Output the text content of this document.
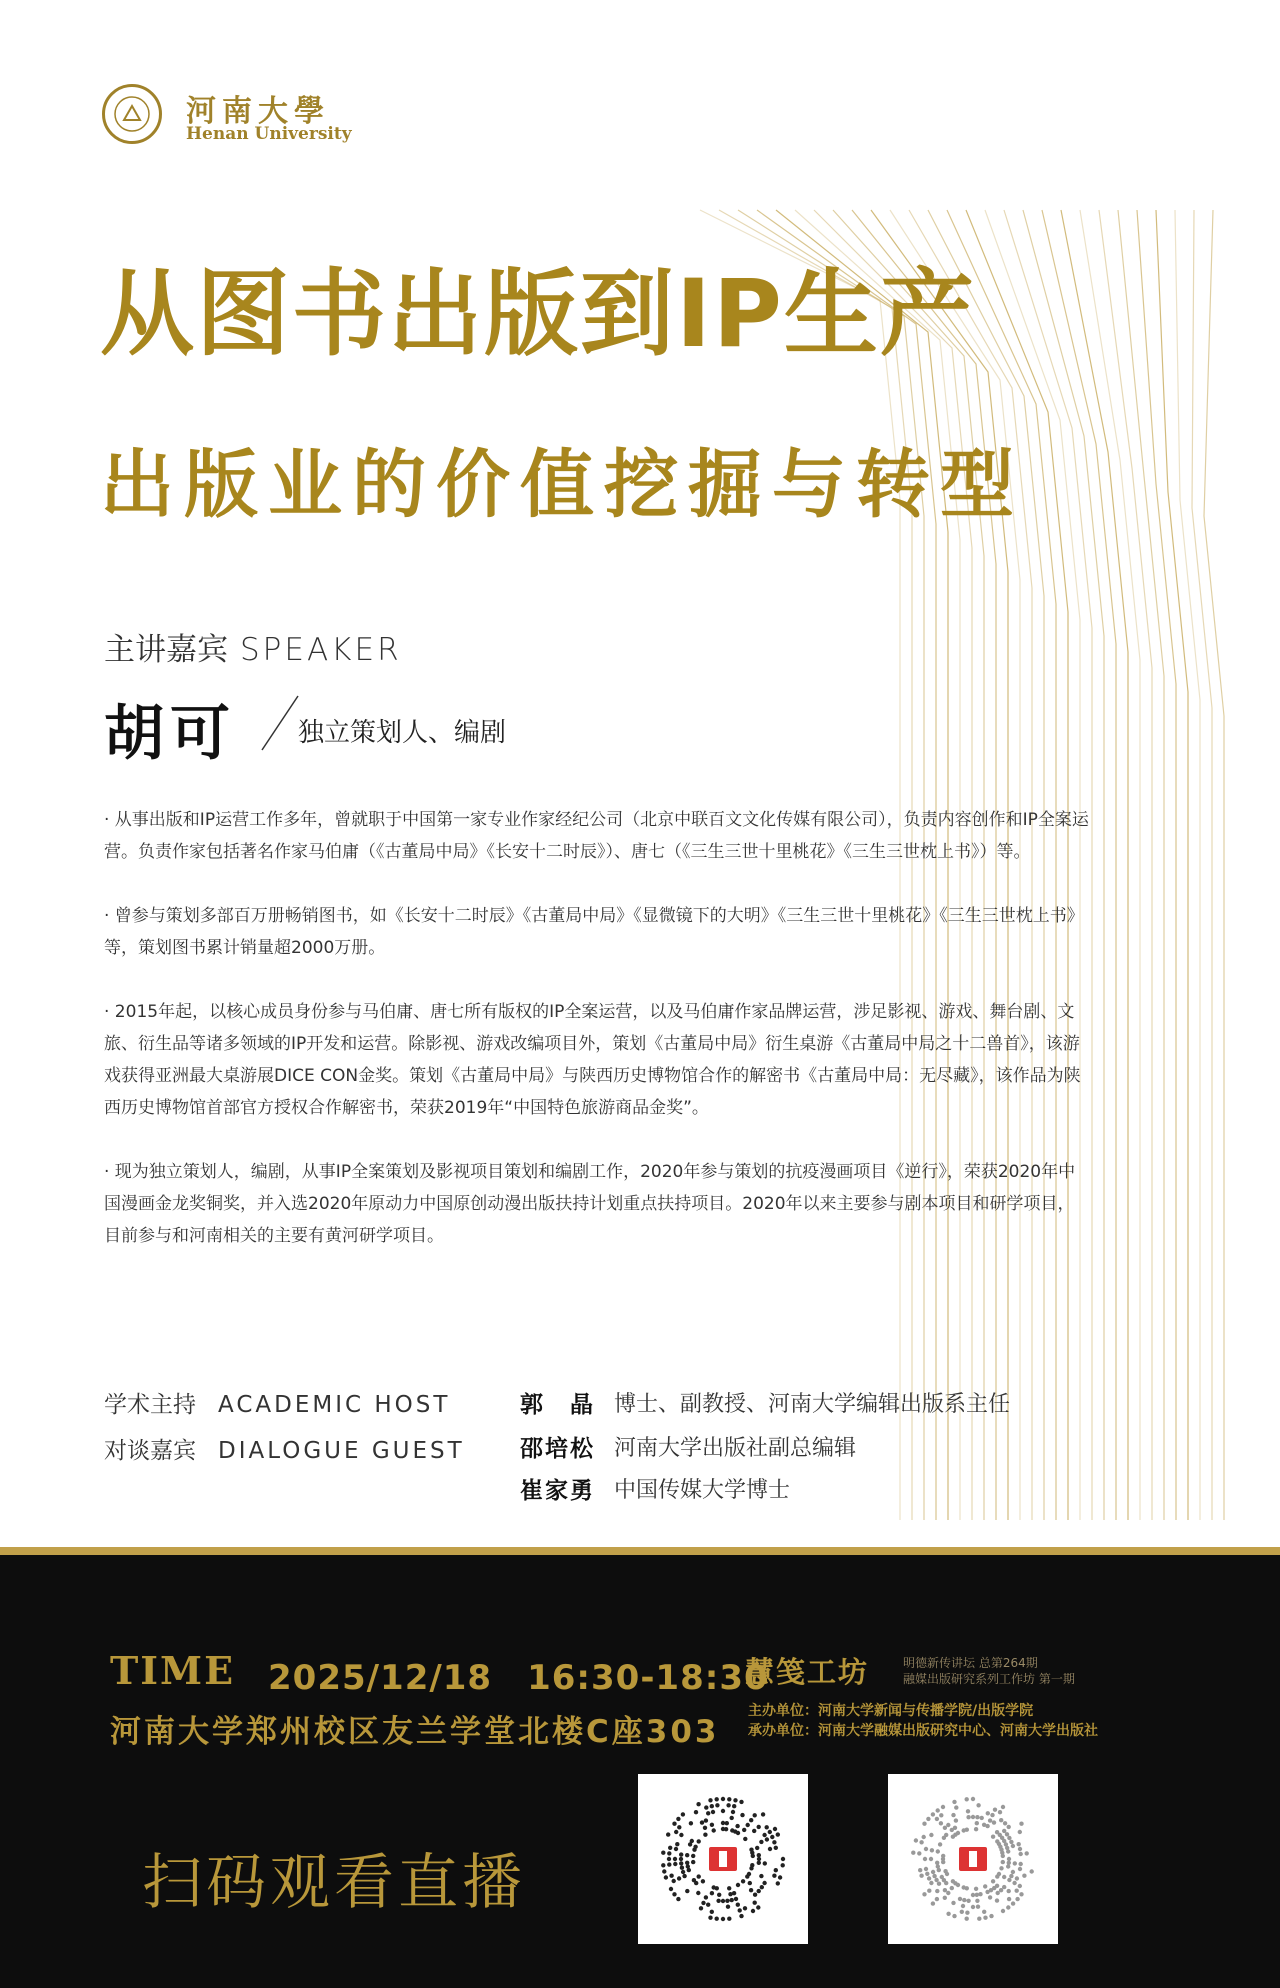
河南大學
Henan University
从图书出版到IP生产
出版业的价值挖掘与转型
主讲嘉宾 SPEAKER
胡可 独立策划人、编剧

· 从事出版和IP运营工作多年，曾就职于中国第一家专业作家经纪公司（北京中联百文文化传媒有限公司），负责内容创作和IP全案运营。负责作家包括著名作家马伯庸（《古董局中局》《长安十二时辰》）、唐七（《三生三世十里桃花》《三生三世枕上书》）等。

· 曾参与策划多部百万册畅销图书，如《长安十二时辰》《古董局中局》《显微镜下的大明》《三生三世十里桃花》《三生三世枕上书》等，策划图书累计销量超2000万册。

· 2015年起，以核心成员身份参与马伯庸、唐七所有版权的IP全案运营，以及马伯庸作家品牌运营，涉足影视、游戏、舞台剧、文旅、衍生品等诸多领域的IP开发和运营。除影视、游戏改编项目外，策划《古董局中局》衍生桌游《古董局中局之十二兽首》，该游戏获得亚洲最大桌游展DICE CON金奖。策划《古董局中局》与陕西历史博物馆合作的解密书《古董局中局：无尽藏》，该作品为陕西历史博物馆首部官方授权合作解密书，荣获2019年“中国特色旅游商品金奖”。

· 现为独立策划人，编剧，从事IP全案策划及影视项目策划和编剧工作，2020年参与策划的抗疫漫画项目《逆行》，荣获2020年中国漫画金龙奖铜奖，并入选2020年原动力中国原创动漫出版扶持计划重点扶持项目。2020年以来主要参与剧本项目和研学项目，目前参与和河南相关的主要有黄河研学项目。

学术主持 ACADEMIC HOST
对谈嘉宾 DIALOGUE GUEST
郭　晶 博士、副教授、河南大学编辑出版系主任
邵培松 河南大学出版社副总编辑
崔家勇 中国传媒大学博士
TIME 2025/12/18　16:30-18:30
河南大学郑州校区友兰学堂北楼C座303
慧笺工坊	明德新传讲坛 总第264期
融媒出版研究系列工作坊 第一期
主办单位：河南大学新闻与传播学院/出版学院
承办单位：河南大学融媒出版研究中心、河南大学出版社
扫码观看直播
